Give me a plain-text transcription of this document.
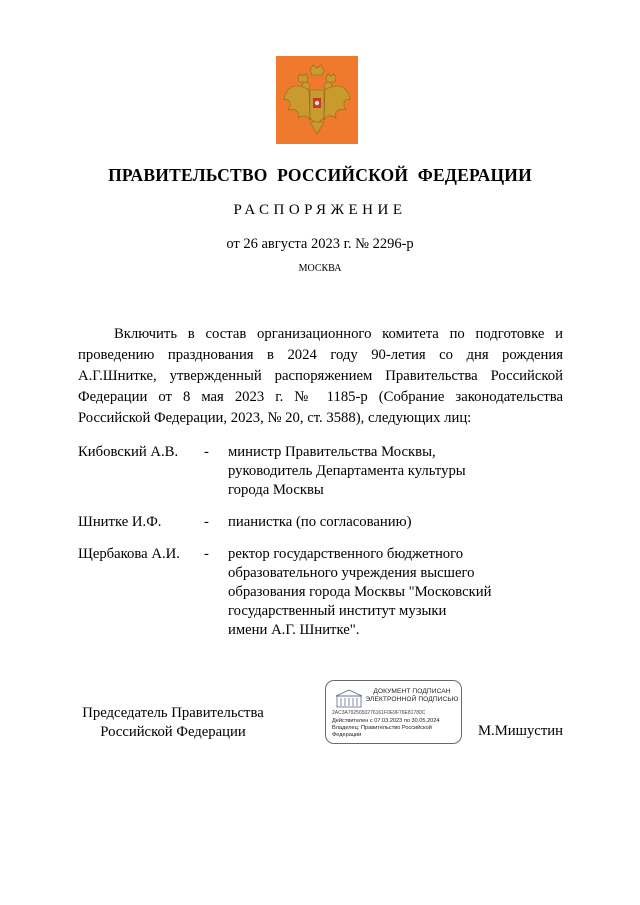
ПРАВИТЕЛЬСТВО РОССИЙСКОЙ ФЕДЕРАЦИИ
РАСПОРЯЖЕНИЕ
от 26 августа 2023 г. № 2296-р
МОСКВА
Включить в состав организационного комитета по подготовке и проведению празднования в 2024 году 90-летия со дня рождения А.Г.Шнитке, утвержденный распоряжением Правительства Российской Федерации от 8 мая 2023 г. № 1185-р (Собрание законодательства Российской Федерации, 2023, № 20, ст. 3588), следующих лиц:
Кибовский А.В.	- министр Правительства Москвы,
руководитель Департамента культуры
города Москвы
Шнитке И.Ф.	- пианистка (по согласованию)
Щербакова А.И.	- ректор государственного бюджетного
образовательного учреждения высшего
образования города Москвы "Московский
государственный институт музыки
имени А.Г. Шнитке".
Председатель Правительства
Российской Федерации
ДОКУМЕНТ ПОДПИСАН
ЭЛЕКТРОННОЙ ПОДПИСЬЮ
2AC3A7925650276161F0E9F76E81780C
Действителен с 07.03.2023 по 30.05.2024
Владелец: Правительство Российской Федерации	М.Мишустин
